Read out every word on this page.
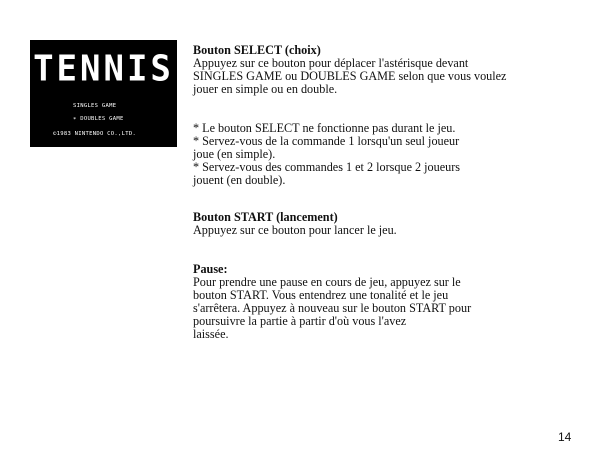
TENNIS
SINGLES GAME
∗ DOUBLES GAME
©1983 NINTENDO CO.,LTD.

Bouton SELECT (choix)

Appuyez sur ce bouton pour déplacer l'astérisque devant

SINGLES GAME ou DOUBLES GAME selon que vous voulez

jouer en simple ou en double.

* Le bouton SELECT ne fonctionne pas durant le jeu.

* Servez-vous de la commande 1 lorsqu'un seul joueur

joue (en simple).

* Servez-vous des commandes 1 et 2 lorsque 2 joueurs

jouent (en double).

Bouton START (lancement)

Appuyez sur ce bouton pour lancer le jeu.

Pause:

Pour prendre une pause en cours de jeu, appuyez sur le

bouton START. Vous entendrez une tonalité et le jeu

s'arrêtera. Appuyez à nouveau sur le bouton START pour

poursuivre la partie à partir d'où vous l'avez

laissée.

14
